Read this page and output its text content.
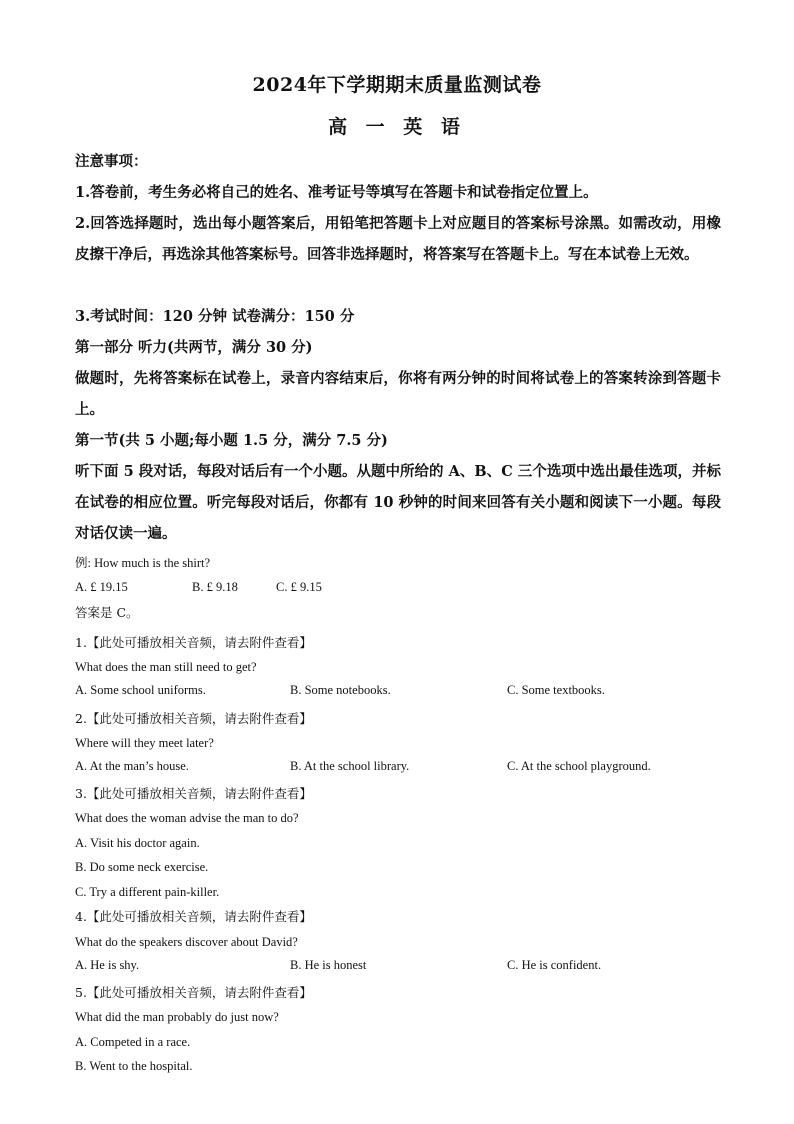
2024年下学期期末质量监测试卷
高 一 英 语
注意事项：
1.答卷前，考生务必将自己的姓名、准考证号等填写在答题卡和试卷指定位置上。
2.回答选择题时，选出每小题答案后，用铅笔把答题卡上对应题目的答案标号涂黑。如需改动，用橡皮擦干净后，再选涂其他答案标号。回答非选择题时，将答案写在答题卡上。写在本试卷上无效。
3.考试时间：120 分钟 试卷满分：150 分
第一部分 听力(共两节，满分 30 分)
做题时，先将答案标在试卷上，录音内容结束后，你将有两分钟的时间将试卷上的答案转涂到答题卡上。
第一节(共 5 小题;每小题 1.5 分，满分 7.5 分)
听下面 5 段对话，每段对话后有一个小题。从题中所给的 A、B、C 三个选项中选出最佳选项，并标在试卷的相应位置。听完每段对话后，你都有 10 秒钟的时间来回答有关小题和阅读下一小题。每段对话仅读一遍。
例: How much is the shirt?
A. £ 19.15	B. £ 9.18	C. £ 9.15
答案是 C。
1.【此处可播放相关音频，请去附件查看】
What does the man still need to get?
A. Some school uniforms.	B. Some notebooks.	C. Some textbooks.
2.【此处可播放相关音频，请去附件查看】
Where will they meet later?
A. At the man’s house.	B. At the school library.	C. At the school playground.
3.【此处可播放相关音频，请去附件查看】
What does the woman advise the man to do?
A. Visit his doctor again.
B. Do some neck exercise.
C. Try a different pain-killer.
4.【此处可播放相关音频，请去附件查看】
What do the speakers discover about David?
A. He is shy.	B. He is honest	C. He is confident.
5.【此处可播放相关音频，请去附件查看】
What did the man probably do just now?
A. Competed in a race.
B. Went to the hospital.
